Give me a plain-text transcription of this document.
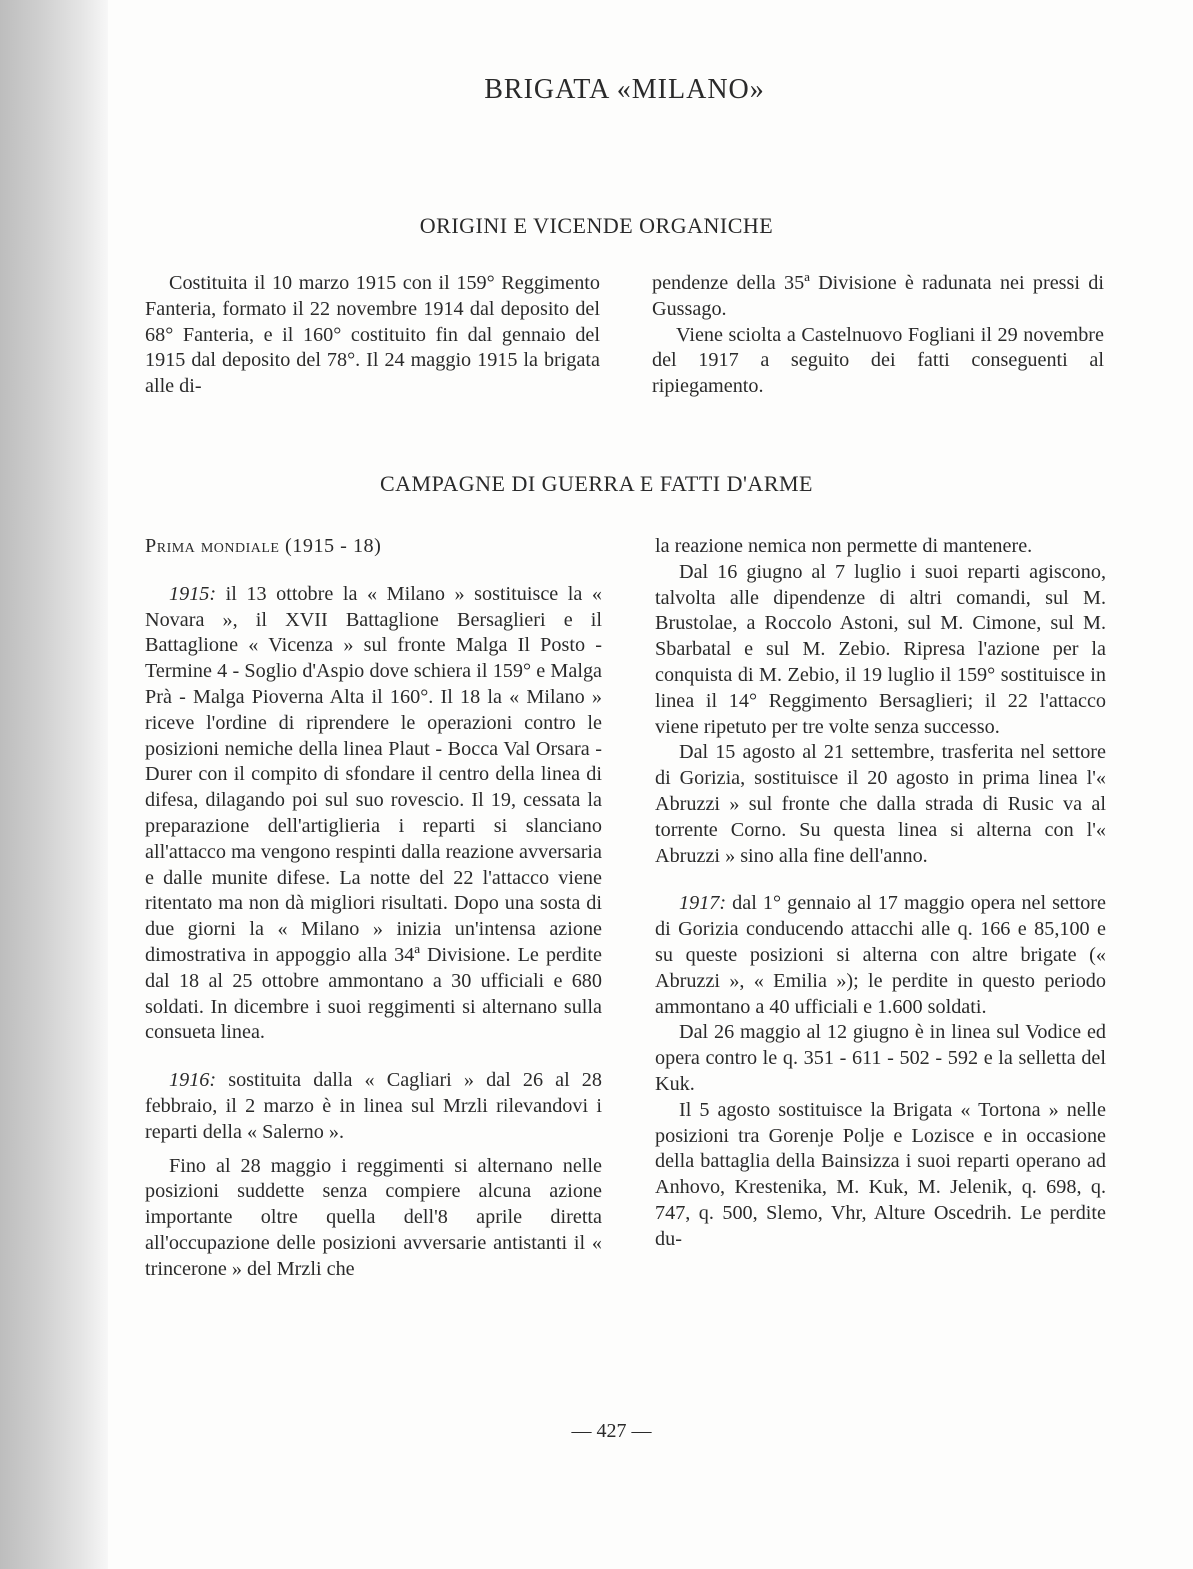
BRIGATA «MILANO»
ORIGINI E VICENDE ORGANICHE

Costituita il 10 marzo 1915 con il 159° Reggimento Fanteria, formato il 22 novembre 1914 dal deposito del 68° Fanteria, e il 160° costituito fin dal gennaio del 1915 dal deposito del 78°. Il 24 maggio 1915 la brigata alle di-

pendenze della 35ª Divisione è radunata nei pressi di Gussago.

Viene sciolta a Castelnuovo Fogliani il 29 novembre del 1917 a seguito dei fatti conseguenti al ripiegamento.

CAMPAGNE DI GUERRA E FATTI D'ARME

Prima mondiale (1915 - 18)

1915: il 13 ottobre la « Milano » sostituisce la « Novara », il XVII Battaglione Bersaglieri e il Battaglione « Vicenza » sul fronte Malga Il Posto - Termine 4 - Soglio d'Aspio dove schiera il 159° e Malga Prà - Malga Pioverna Alta il 160°. Il 18 la « Milano » riceve l'ordine di riprendere le operazioni contro le posizioni nemiche della linea Plaut - Bocca Val Orsara - Durer con il compito di sfondare il centro della linea di difesa, dilagando poi sul suo rovescio. Il 19, cessata la preparazione dell'artiglieria i reparti si slanciano all'attacco ma vengono respinti dalla reazione avversaria e dalle munite difese. La notte del 22 l'attacco viene ritentato ma non dà migliori risultati. Dopo una sosta di due giorni la « Milano » inizia un'intensa azione dimostrativa in appoggio alla 34ª Divisione. Le perdite dal 18 al 25 ottobre ammontano a 30 ufficiali e 680 soldati. In dicembre i suoi reggimenti si alternano sulla consueta linea.

1916: sostituita dalla « Cagliari » dal 26 al 28 febbraio, il 2 marzo è in linea sul Mrzli rilevandovi i reparti della « Salerno ».

Fino al 28 maggio i reggimenti si alternano nelle posizioni suddette senza compiere alcuna azione importante oltre quella dell'8 aprile diretta all'occupazione delle posizioni avversarie antistanti il « trincerone » del Mrzli che

la reazione nemica non permette di mantenere.

Dal 16 giugno al 7 luglio i suoi reparti agiscono, talvolta alle dipendenze di altri comandi, sul M. Brustolae, a Roccolo Astoni, sul M. Cimone, sul M. Sbarbatal e sul M. Zebio. Ripresa l'azione per la conquista di M. Zebio, il 19 luglio il 159° sostituisce in linea il 14° Reggimento Bersaglieri; il 22 l'attacco viene ripetuto per tre volte senza successo.

Dal 15 agosto al 21 settembre, trasferita nel settore di Gorizia, sostituisce il 20 agosto in prima linea l'« Abruzzi » sul fronte che dalla strada di Rusic va al torrente Corno. Su questa linea si alterna con l'« Abruzzi » sino alla fine dell'anno.

1917: dal 1° gennaio al 17 maggio opera nel settore di Gorizia conducendo attacchi alle q. 166 e 85,100 e su queste posizioni si alterna con altre brigate (« Abruzzi », « Emilia »); le perdite in questo periodo ammontano a 40 ufficiali e 1.600 soldati.

Dal 26 maggio al 12 giugno è in linea sul Vodice ed opera contro le q. 351 - 611 - 502 - 592 e la selletta del Kuk.

Il 5 agosto sostituisce la Brigata « Tortona » nelle posizioni tra Gorenje Polje e Lozisce e in occasione della battaglia della Bainsizza i suoi reparti operano ad Anhovo, Krestenika, M. Kuk, M. Jelenik, q. 698, q. 747, q. 500, Slemo, Vhr, Alture Oscedrih. Le perdite du-

— 427 —
